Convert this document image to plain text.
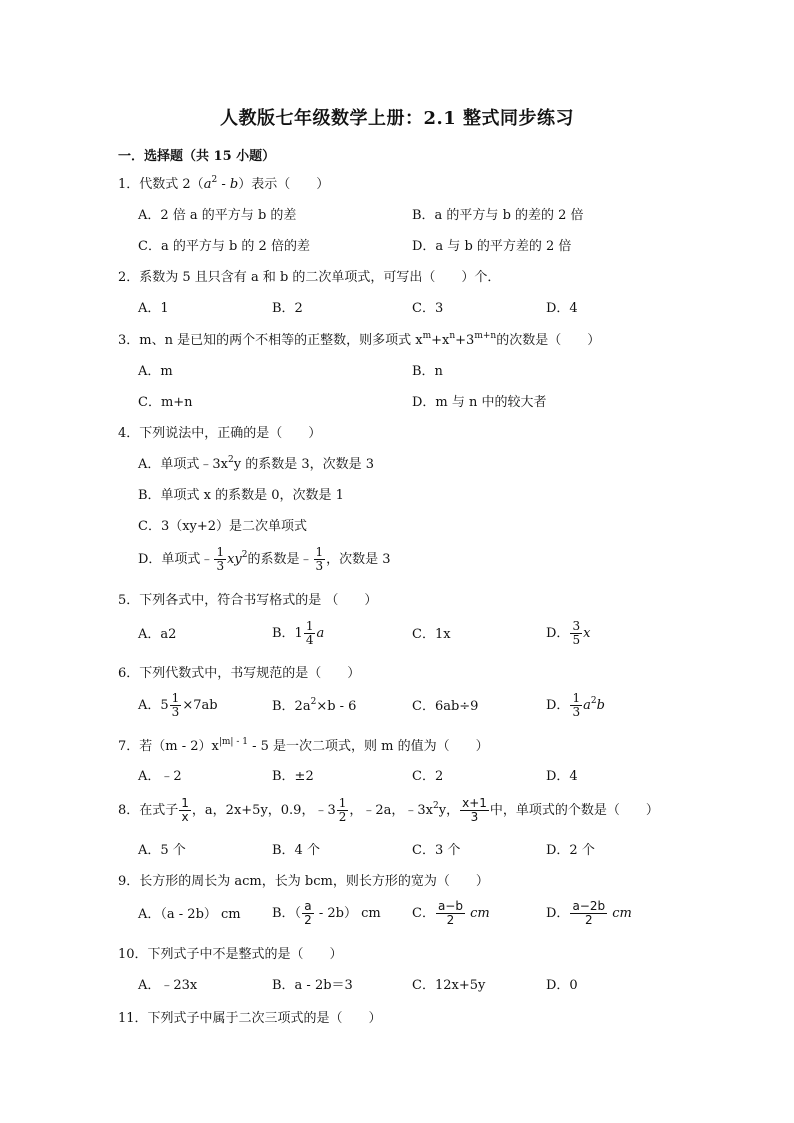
人教版七年级数学上册：2.1 整式同步练习
一．选择题（共 15 小题）
1．代数式 $2(a^2 - b)$表示（　　）
A．2 倍 a 的平方与 b 的差	B．a 的平方与 b 的差的 2 倍
C．a 的平方与 b 的 2 倍的差	D．a 与 b 的平方差的 2 倍
2．系数为 5 且只含有 a 和 b 的二次单项式，可写出（　　）个．
A．1	B．2	C．3	D．4
3．m、n 是已知的两个不相等的正整数，则多项式 $x^m+x^n+3^{m+n}$的次数是（　　）
A．m	B．n
C．m+n	D．m 与 n 中的较大者
4．下列说法中，正确的是（　　）
A．单项式$﹣3x^2y$ 的系数是 3，次数是 3
B．单项式 x 的系数是 0，次数是 1
C．3（xy+2）是二次单项式
D．单项式﹣ $\frac{1}{3} xy^2$的系数是﹣ $\frac{1}{3}$ ，次数是 3
5．下列各式中，符合书写格式的是 （　　）
A．a2	B．$1 \frac{1}{4}$ a	C．1x	D． $\frac{3}{5}$ x
6．下列代数式中，书写规范的是（　　）
A．$5 \frac{1}{3} \times 7ab$	B．$2a^2\times b - 6$	C．6ab÷9	D． $\frac{1}{3} a^2b$
7．若$(m - 2)x^{|m| - 1} - 5$ 是一次二项式，则 m 的值为（　　）
A．﹣2	B．±2	C．2	D．4
8．在式子 $\frac{1}{x}$ ，a，2x+5y，0.9，﹣3 $\frac{1}{2}$ ，﹣2a，$﹣3x^2y$， $\frac{x+1}{3}$ 中，单项式的个数是（　　）
A．5 个	B．4 个	C．3 个	D．2 个
9．长方形的周长为 acm，长为 bcm，则长方形的宽为（　　）
A．（a - 2b） cm B．（ $\frac{a}{2} - 2b$） cm C． $\frac{a-b}{2}$ cm	D． $\frac{a-2b}{2}$ cm
10．下列式子中不是整式的是（　　）
A．﹣23x	B．a - 2b＝3	C．12x+5y	D．0
11．下列式子中属于二次三项式的是（　　）
